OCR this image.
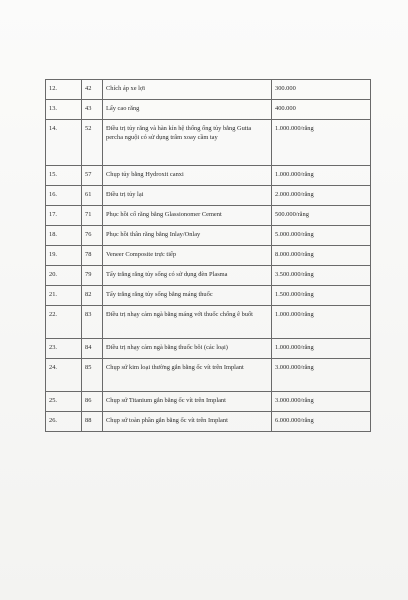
12.	42	Chích áp xe lợi	300.000
13.	43	Lấy cao răng	400.000
14.	52	Điều trị tủy răng và hàn kín hệ thống ống tủy bằng Gutta percha nguội có sử dụng trâm xoay cầm tay	1.000.000/răng
15.	57	Chụp tủy bằng Hydroxit canxi	1.000.000/răng
16.	61	Điều trị tủy lại	2.000.000/răng
17.	71	Phục hồi cổ răng bằng Glassionomer Cement	500.000/răng
18.	76	Phục hồi thân răng bằng Inlay/Onlay	5.000.000/răng
19.	78	Veneer Composite trực tiếp	8.000.000/răng
20.	79	Tẩy trắng răng tủy sống có sử dụng đèn Plasma	3.500.000/răng
21.	82	Tẩy trắng răng tủy sống bằng máng thuốc	1.500.000/răng
22.	83	Điều trị nhạy cảm ngà bằng máng với thuốc chống ê buốt	1.000.000/răng
23.	84	Điều trị nhạy cảm ngà bằng thuốc bôi (các loại)	1.000.000/răng
24.	85	Chụp sứ kim loại thường gắn bằng ốc vít trên Implant	3.000.000/răng
25.	86	Chụp sứ Titanium gắn bằng ốc vít trên Implant	3.000.000/răng
26.	88	Chụp sứ toàn phần gắn bằng ốc vít trên Implant	6.000.000/răng
